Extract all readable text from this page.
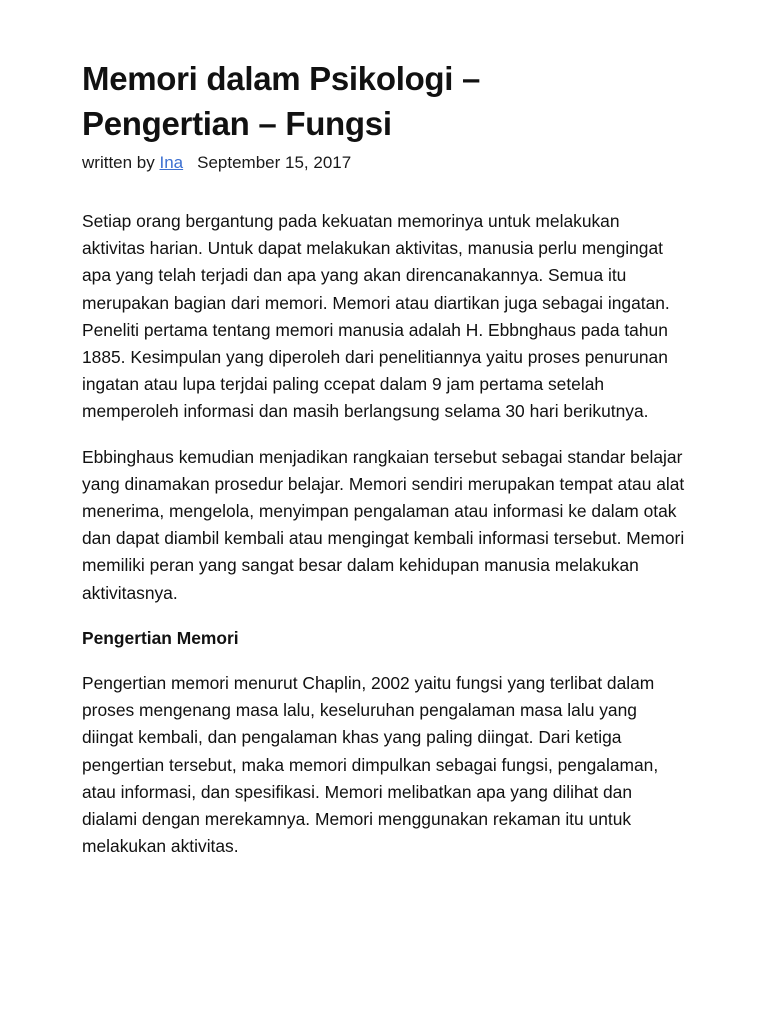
Memori dalam Psikologi –
Pengertian – Fungsi
written by Ina September 15, 2017

Setiap orang bergantung pada kekuatan memorinya untuk melakukan aktivitas harian. Untuk dapat melakukan aktivitas, manusia perlu mengingat apa yang telah terjadi dan apa yang akan direncanakannya. Semua itu merupakan bagian dari memori. Memori atau diartikan juga sebagai ingatan. Peneliti pertama tentang memori manusia adalah H. Ebbnghaus pada tahun 1885. Kesimpulan yang diperoleh dari penelitiannya yaitu proses penurunan ingatan atau lupa terjdai paling ccepat dalam 9 jam pertama setelah memperoleh informasi dan masih berlangsung selama 30 hari berikutnya.

Ebbinghaus kemudian menjadikan rangkaian tersebut sebagai standar belajar yang dinamakan prosedur belajar. Memori sendiri merupakan tempat atau alat menerima, mengelola, menyimpan pengalaman atau informasi ke dalam otak dan dapat diambil kembali atau mengingat kembali informasi tersebut. Memori memiliki peran yang sangat besar dalam kehidupan manusia melakukan aktivitasnya.

Pengertian Memori

Pengertian memori menurut Chaplin, 2002 yaitu fungsi yang terlibat dalam proses mengenang masa lalu, keseluruhan pengalaman masa lalu yang diingat kembali, dan pengalaman khas yang paling diingat. Dari ketiga pengertian tersebut, maka memori dimpulkan sebagai fungsi, pengalaman, atau informasi, dan spesifikasi. Memori melibatkan apa yang dilihat dan dialami dengan merekamnya. Memori menggunakan rekaman itu untuk melakukan aktivitas.
